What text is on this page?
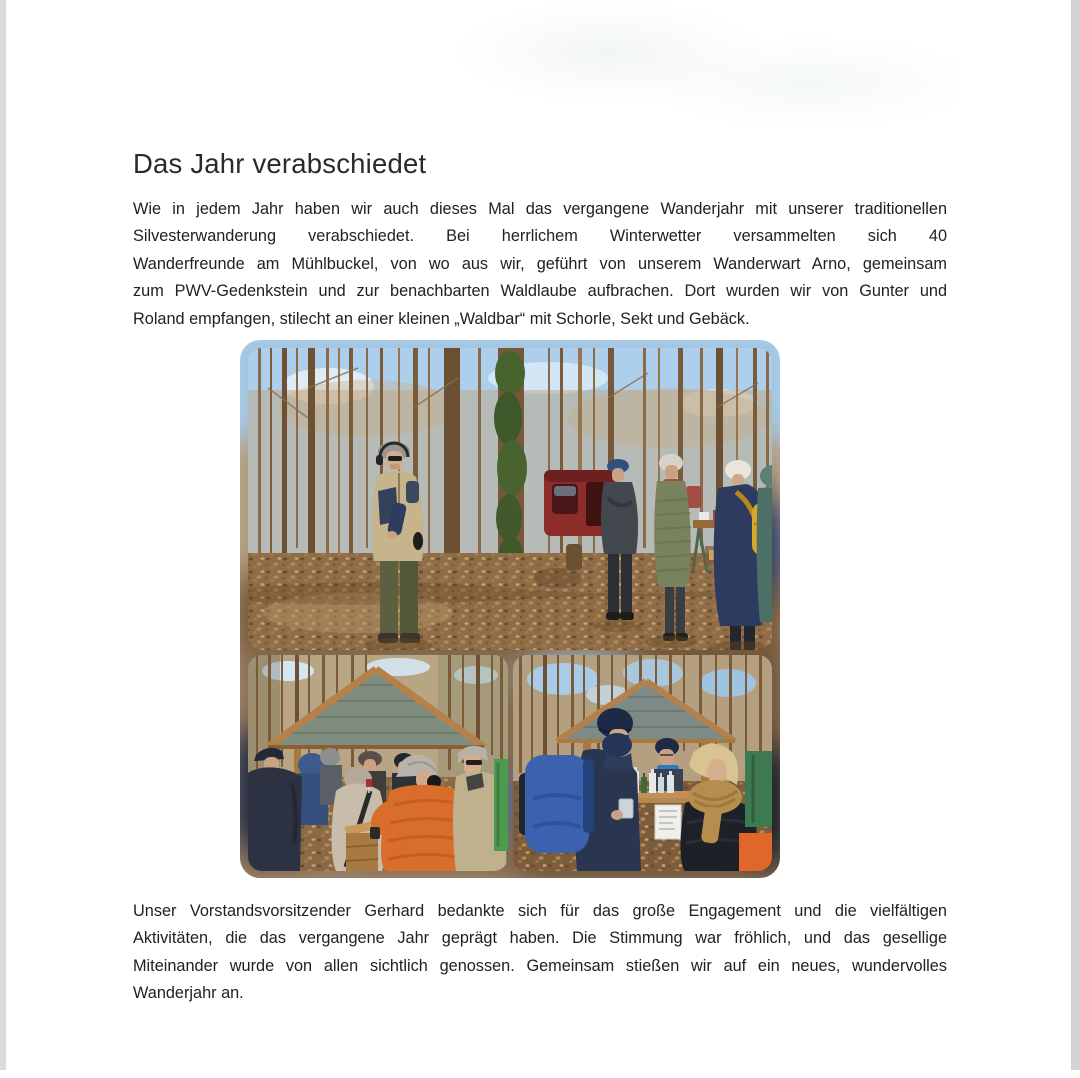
Das Jahr verabschiedet
Wie in jedem Jahr haben wir auch dieses Mal das vergangene Wanderjahr mit unserer traditionellen
Silvesterwanderung verabschiedet. Bei herrlichem Winterwetter versammelten sich 40
Wanderfreunde am Mühlbuckel, von wo aus wir, geführt von unserem Wanderwart Arno, gemeinsam
zum PWV-Gedenkstein und zur benachbarten Waldlaube aufbrachen. Dort wurden wir von Gunter und
Roland empfangen, stilecht an einer kleinen „Waldbar“ mit Schorle, Sekt und Gebäck.
Unser Vorstandsvorsitzender Gerhard bedankte sich für das große Engagement und die vielfältigen
Aktivitäten, die das vergangene Jahr geprägt haben. Die Stimmung war fröhlich, und das gesellige
Miteinander wurde von allen sichtlich genossen. Gemeinsam stießen wir auf ein neues, wundervolles
Wanderjahr an.
